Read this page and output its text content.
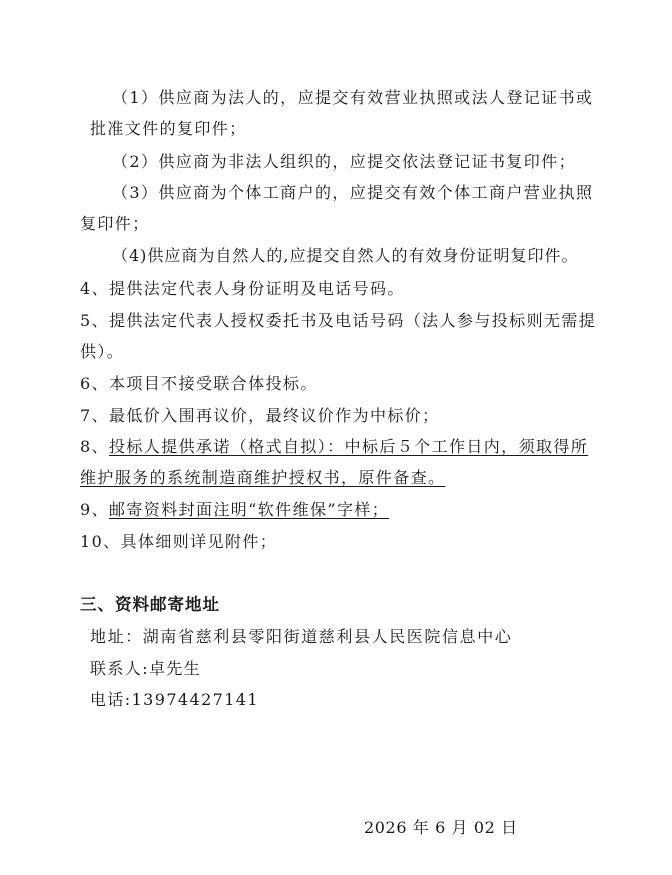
（1）供应商为法人的，应提交有效营业执照或法人登记证书或
批准文件的复印件；
（2）供应商为非法人组织的，应提交依法登记证书复印件；
（3）供应商为个体工商户的，应提交有效个体工商户营业执照
复印件；
（4)供应商为自然人的,应提交自然人的有效身份证明复印件。
4、提供法定代表人身份证明及电话号码。
5、提供法定代表人授权委托书及电话号码（法人参与投标则无需提
供）。
6、本项目不接受联合体投标。
7、最低价入围再议价，最终议价作为中标价；
8、投标人提供承诺（格式自拟）：中标后５个工作日内，须取得所
维护服务的系统制造商维护授权书，原件备查。
9、邮寄资料封面注明“软件维保”字样；
10、具体细则详见附件；
三、资料邮寄地址
地址：湖南省慈利县零阳街道慈利县人民医院信息中心
联系人:卓先生
电话:13974427141
2026 年 6 月 02 日
